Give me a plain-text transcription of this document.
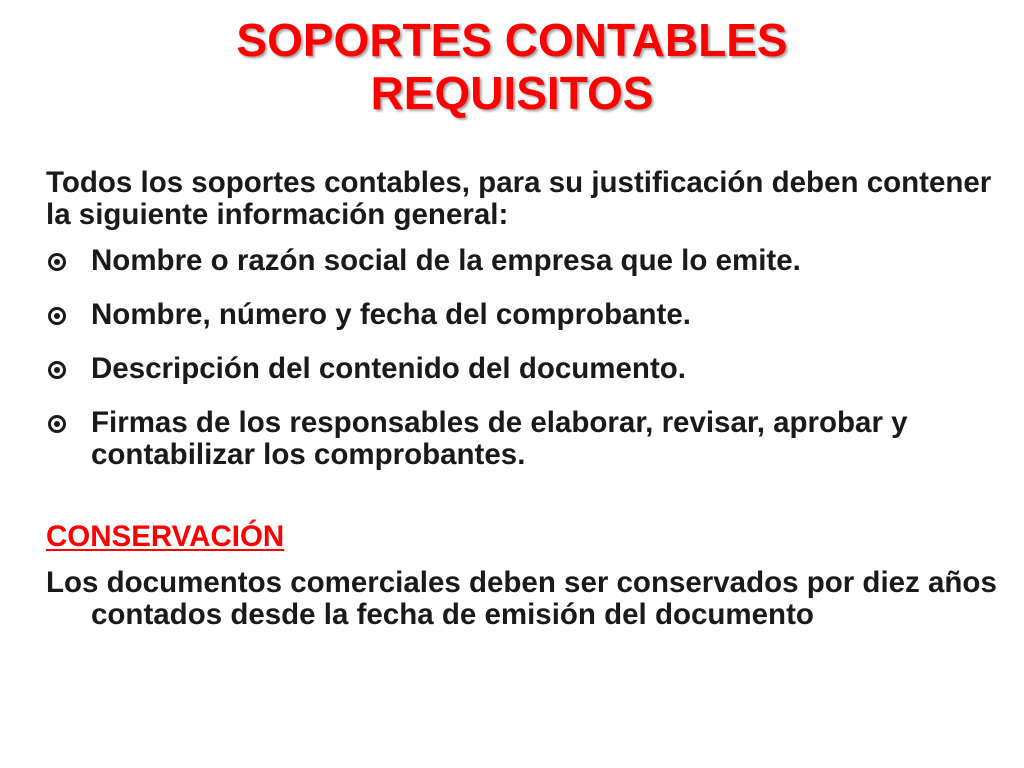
SOPORTES CONTABLES
REQUISITOS

Todos los soportes contables, para su justificación deben contener la siguiente información general:

Nombre o razón social de la empresa que lo emite.
Nombre, número y fecha del comprobante.
Descripción del contenido del documento.
Firmas de los responsables de elaborar, revisar, aprobar y contabilizar los comprobantes.
CONSERVACIÓN

Los documentos comerciales deben ser conservados por diez años contados desde la fecha de emisión del documento
